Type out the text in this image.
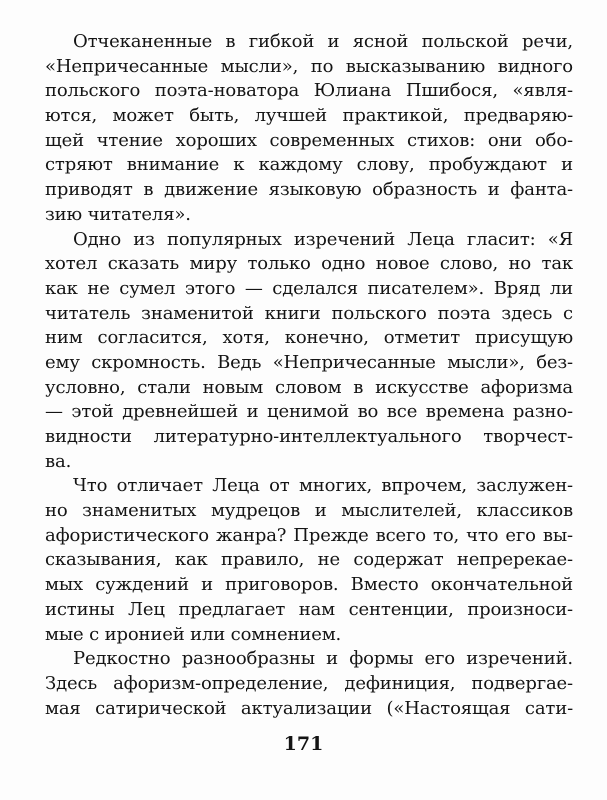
Отчеканенные в гибкой и ясной польской речи,
«Непричесанные мысли», по высказыванию видного
польского поэта-новатора Юлиана Пшибося, «явля-
ются, может быть, лучшей практикой, предваряю-
щей чтение хороших современных стихов: они обо-
стряют внимание к каждому слову, пробуждают и
приводят в движение языковую образность и фанта-
зию читателя».
Одно из популярных изречений Леца гласит: «Я
хотел сказать миру только одно новое слово, но так
как не сумел этого — сделался писателем». Вряд ли
читатель знаменитой книги польского поэта здесь с
ним согласится, хотя, конечно, отметит присущую
ему скромность. Ведь «Непричесанные мысли», без-
условно, стали новым словом в искусстве афоризма
— этой древнейшей и ценимой во все времена разно-
видности литературно-интеллектуального творчест-
ва.
Что отличает Леца от многих, впрочем, заслужен-
но знаменитых мудрецов и мыслителей, классиков
афористического жанра? Прежде всего то, что его вы-
сказывания, как правило, не содержат непререкае-
мых суждений и приговоров. Вместо окончательной
истины Лец предлагает нам сентенции, произноси-
мые с иронией или сомнением.
Редкостно разнообразны и формы его изречений.
Здесь афоризм-определение, дефиниция, подвергае-
мая сатирической актуализации («Настоящая сати-
171
